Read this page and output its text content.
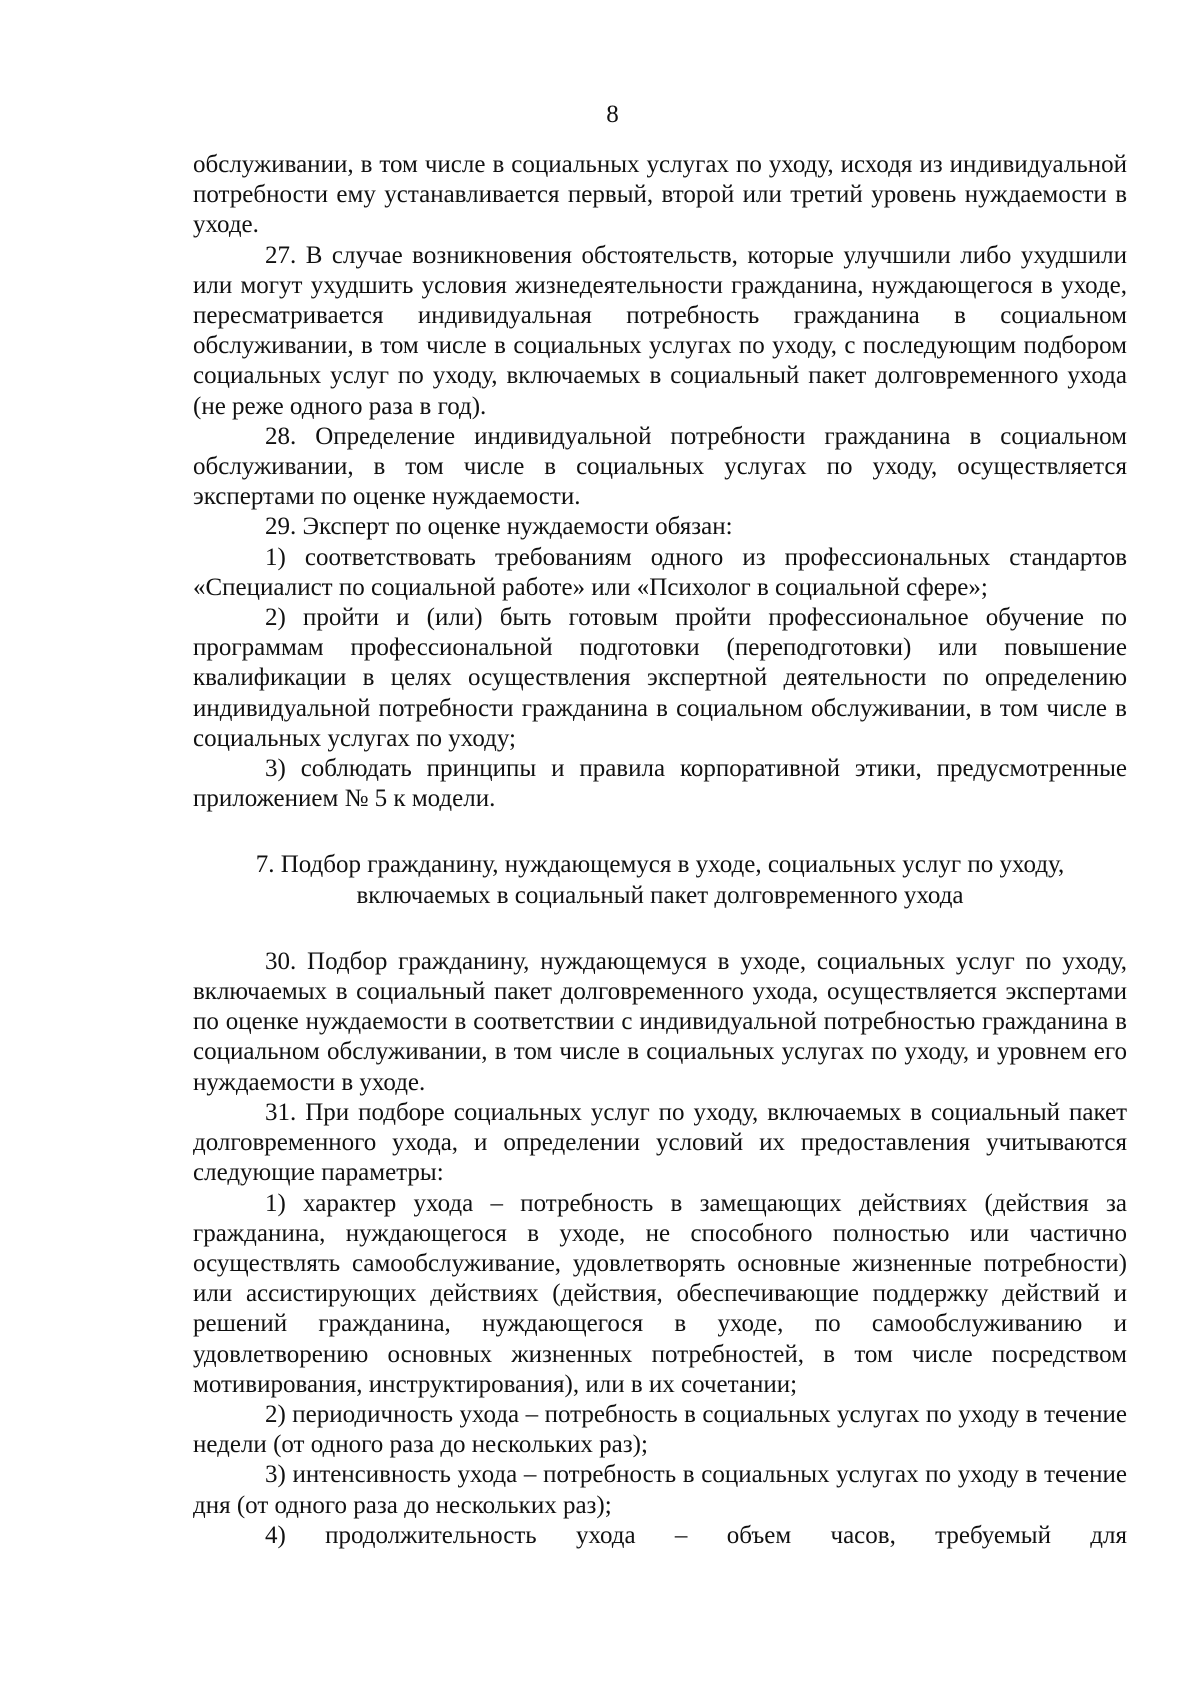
8

обслуживании, в том числе в социальных услугах по уходу, исходя из индивидуальной потребности ему устанавливается первый, второй или третий уровень нуждаемости в уходе.

27. В случае возникновения обстоятельств, которые улучшили либо ухудшили или могут ухудшить условия жизнедеятельности гражданина, нуждающегося в уходе, пересматривается индивидуальная потребность гражданина в социальном обслуживании, в том числе в социальных услугах по уходу, с последующим подбором социальных услуг по уходу, включаемых в социальный пакет долговременного ухода (не реже одного раза в год).

28. Определение индивидуальной потребности гражданина в социальном обслуживании, в том числе в социальных услугах по уходу, осуществляется экспертами по оценке нуждаемости.

29. Эксперт по оценке нуждаемости обязан:

1) соответствовать требованиям одного из профессиональных стандартов «Специалист по социальной работе» или «Психолог в социальной сфере»;

2) пройти и (или) быть готовым пройти профессиональное обучение по программам профессиональной подготовки (переподготовки) или повышение квалификации в целях осуществления экспертной деятельности по определению индивидуальной потребности гражданина в социальном обслуживании, в том числе в социальных услугах по уходу;

3) соблюдать принципы и правила корпоративной этики, предусмотренные приложением № 5 к модели.

7. Подбор гражданину, нуждающемуся в уходе, социальных услуг по уходу,
включаемых в социальный пакет долговременного ухода

30. Подбор гражданину, нуждающемуся в уходе, социальных услуг по уходу, включаемых в социальный пакет долговременного ухода, осуществляется экспертами по оценке нуждаемости в соответствии с индивидуальной потребностью гражданина в социальном обслуживании, в том числе в социальных услугах по уходу, и уровнем его нуждаемости в уходе.

31. При подборе социальных услуг по уходу, включаемых в социальный пакет долговременного ухода, и определении условий их предоставления учитываются следующие параметры:

1) характер ухода – потребность в замещающих действиях (действия за гражданина, нуждающегося в уходе, не способного полностью или частично осуществлять самообслуживание, удовлетворять основные жизненные потребности) или ассистирующих действиях (действия, обеспечивающие поддержку действий и решений гражданина, нуждающегося в уходе, по самообслуживанию и удовлетворению основных жизненных потребностей, в том числе посредством мотивирования, инструктирования), или в их сочетании;

2) периодичность ухода – потребность в социальных услугах по уходу в течение недели (от одного раза до нескольких раз);

3) интенсивность ухода – потребность в социальных услугах по уходу в течение дня (от одного раза до нескольких раз);

4) продолжительность ухода – объем часов, требуемый для
